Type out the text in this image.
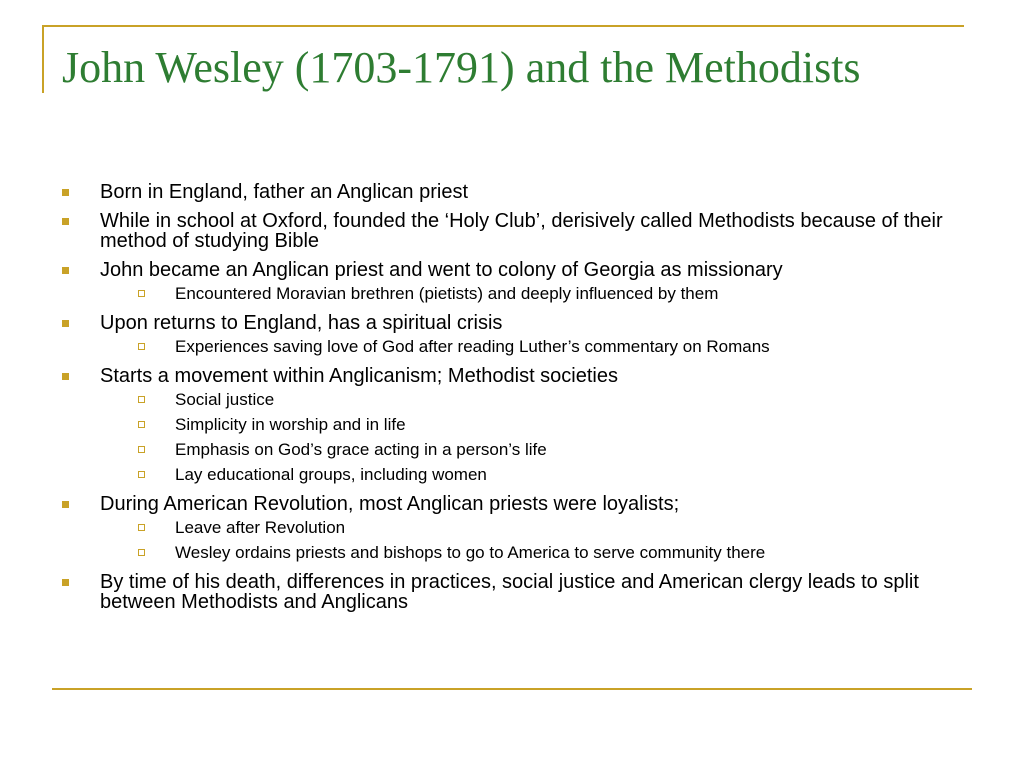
John Wesley (1703-1791) and the Methodists
Born in England, father an Anglican priest
While in school at Oxford, founded the ‘Holy Club’, derisively called Methodists because of their method of studying Bible
John became an Anglican priest and went to colony of Georgia as missionary
Encountered Moravian brethren (pietists) and deeply influenced by them
Upon returns to England, has a spiritual crisis
Experiences saving love of God after reading Luther’s commentary on Romans
Starts a movement within Anglicanism; Methodist societies
Social justice
Simplicity in worship and in life
Emphasis on God’s grace acting in a person’s life
Lay educational groups, including women
During American Revolution, most Anglican priests were loyalists;
Leave after Revolution
Wesley ordains priests and bishops to go to America to serve community there
By time of his death, differences in practices, social justice and American clergy leads to split between Methodists and Anglicans
